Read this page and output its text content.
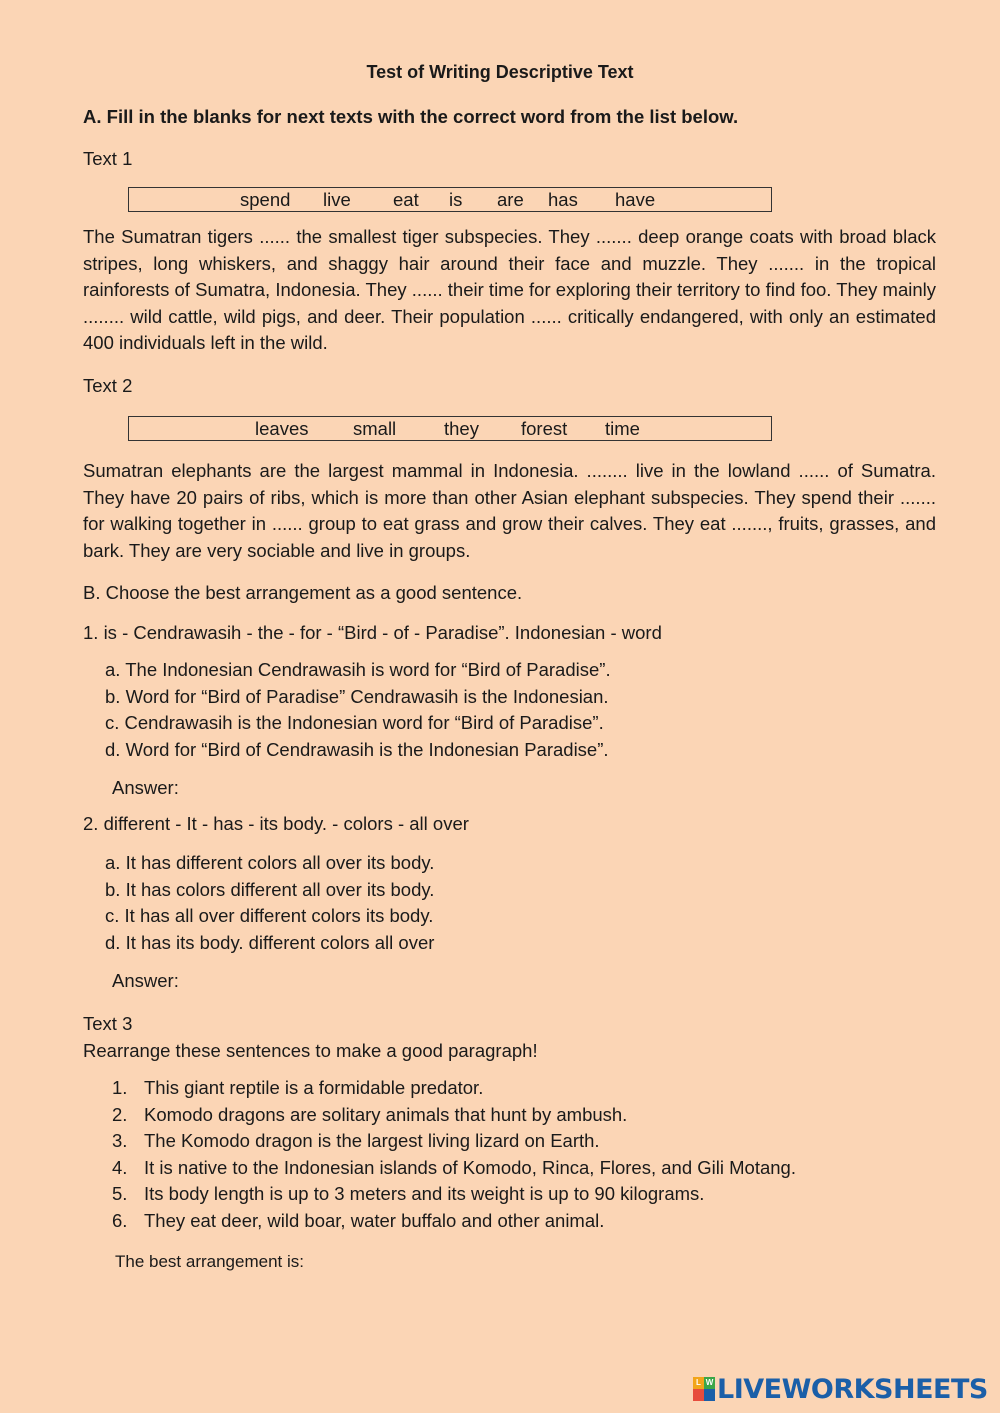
Test of Writing Descriptive Text
A. Fill in the blanks for next texts with the correct word from the list below.
Text 1
spend live eat is are has have

The Sumatran tigers ...... the smallest tiger subspecies. They ....... deep orange coats with broad black stripes, long whiskers, and shaggy hair around their face and muzzle. They ....... in the tropical rainforests of Sumatra, Indonesia. They ...... their time for exploring their territory to find foo. They mainly ........ wild cattle, wild pigs, and deer. Their population ...... critically endangered, with only an estimated 400 individuals left in the wild.

Text 2
leaves small	they forest time

Sumatran elephants are the largest mammal in Indonesia. ........ live in the lowland ...... of Sumatra. They have 20 pairs of ribs, which is more than other Asian elephant subspecies. They spend their ....... for walking together in ...... group to eat grass and grow their calves. They eat ......., fruits, grasses, and bark. They are very sociable and live in groups.

B. Choose the best arrangement as a good sentence.
1. is - Cendrawasih - the - for - “Bird - of - Paradise”. Indonesian - word
a. The Indonesian Cendrawasih is word for “Bird of Paradise”.
b. Word for “Bird of Paradise” Cendrawasih is the Indonesian.
c. Cendrawasih is the Indonesian word for “Bird of Paradise”.
d. Word for “Bird of Cendrawasih is the Indonesian Paradise”.
Answer:
2. different - It - has - its body. - colors - all over
a. It has different colors all over its body.
b. It has colors different all over its body.
c. It has all over different colors its body.
d. It has its body. different colors all over
Answer:
Text 3
Rearrange these sentences to make a good paragraph!
1. This giant reptile is a formidable predator.
2. Komodo dragons are solitary animals that hunt by ambush.
3. The Komodo dragon is the largest living lizard on Earth.
4. It is native to the Indonesian islands of Komodo, Rinca, Flores, and Gili Motang.
5. Its body length is up to 3 meters and its weight is up to 90 kilograms.
6. They eat deer, wild boar, water buffalo and other animal.
The best arrangement is:
L W LIVEWORKSHEETS
